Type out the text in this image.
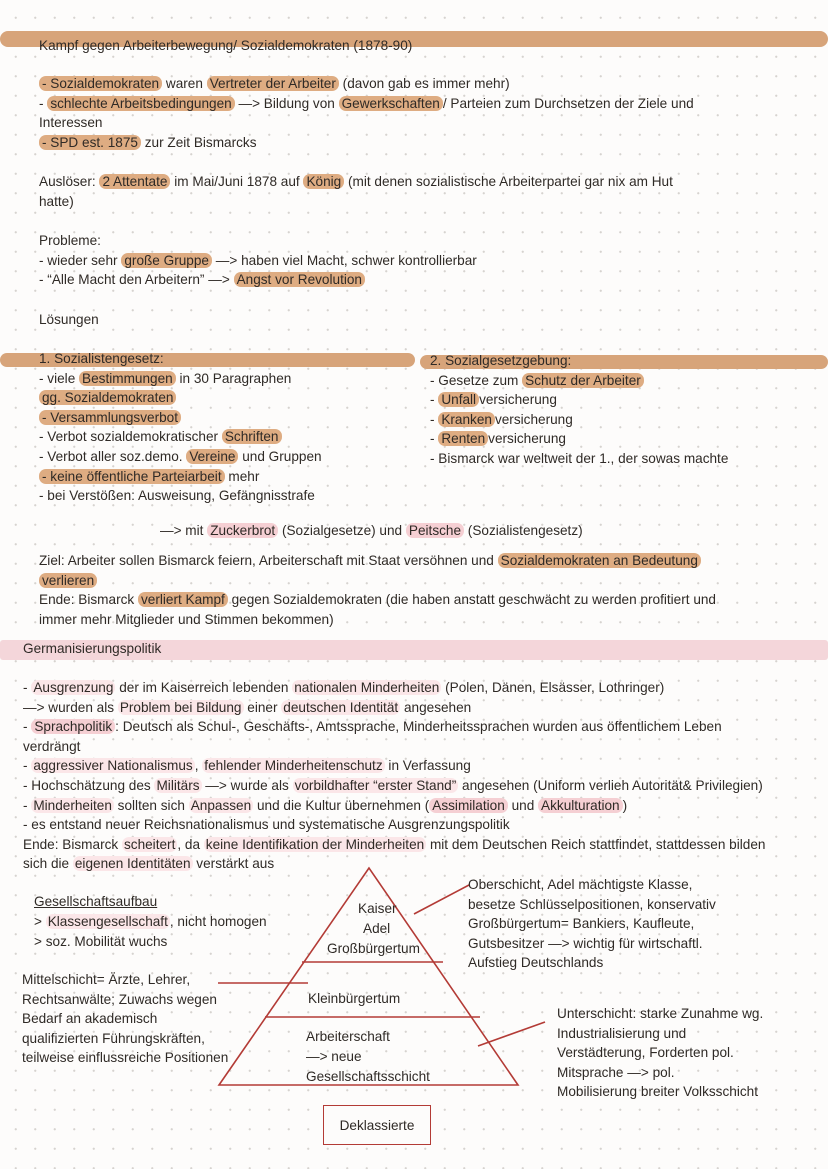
Kampf gegen Arbeiterbewegung/ Sozialdemokraten (1878-90)
Lösungen
Germanisierungspolitik
Gesellschaftsaufbau	Kaiser
Adel
Großbürgertum
Kleinbürgertum
Arbeiterschaft
—> neue
Gesellschaftsschicht
Deklassierte
- Sozialdemokraten waren Vertreter der Arbeiter (davon gab es immer mehr)
- schlechte Arbeitsbedingungen —> Bildung von Gewerkschaften / Parteien zum Durchsetzen der Ziele und
Interessen
- SPD est. 1875 zur Zeit Bismarcks
Auslöser: 2 Attentate im Mai/Juni 1878 auf König (mit denen sozialistische Arbeiterpartei gar nix am Hut
hatte)
Probleme:
- wieder sehr große Gruppe —> haben viel Macht, schwer kontrollierbar
- “Alle Macht den Arbeitern” —> Angst vor Revolution
1. Sozialistengesetz:
- viele Bestimmungen in 30 Paragraphen
gg. Sozialdemokraten
- Versammlungsverbot
- Verbot sozialdemokratischer Schriften
- Verbot aller soz.demo. Vereine und Gruppen
- keine öffentliche Parteiarbeit mehr
- bei Verstößen: Ausweisung, Gefängnisstrafe
2. Sozialgesetzgebung:
- Gesetze zum Schutz der Arbeiter
- Unfall versicherung
- Kranken versicherung
- Renten versicherung
- Bismarck war weltweit der 1., der sowas machte
Ziel: Arbeiter sollen Bismarck feiern, Arbeiterschaft mit Staat versöhnen und Sozialdemokraten an Bedeutung
verlieren
Ende: Bismarck verliert Kampf gegen Sozialdemokraten (die haben anstatt geschwächt zu werden profitiert und
immer mehr Mitglieder und Stimmen bekommen)
- Ausgrenzung der im Kaiserreich lebenden nationalen Minderheiten (Polen, Dänen, Elsässer, Lothringer)
—> wurden als Problem bei Bildung einer deutschen Identität angesehen
- Sprachpolitik : Deutsch als Schul-, Geschäfts-, Amtssprache, Minderheitssprachen wurden aus öffentlichem Leben
verdrängt
- aggressiver Nationalismus , fehlender Minderheitenschutz in Verfassung
- Hochschätzung des Militärs —> wurde als vorbildhafter “erster Stand” angesehen (Uniform verlieh Autorität& Privilegien)
- Minderheiten sollten sich Anpassen und die Kultur übernehmen ( Assimilation und Akkulturation )
- es entstand neuer Reichsnationalismus und systematische Ausgrenzungspolitik
Ende: Bismarck scheitert , da keine Identifikation der Minderheiten mit dem Deutschen Reich stattfindet, stattdessen bilden
sich die eigenen Identitäten verstärkt aus
> Klassengesellschaft , nicht homogen
> soz. Mobilität wuchs
—> mit Zuckerbrot (Sozialgesetze) und Peitsche (Sozialistengesetz)
Oberschicht, Adel mächtigste Klasse,
besetze Schlüsselpositionen, konservativ
Großbürgertum= Bankiers, Kaufleute,
Gutsbesitzer —> wichtig für wirtschaftl.
Aufstieg Deutschlands
Mittelschicht= Ärzte, Lehrer,
Rechtsanwälte; Zuwachs wegen
Bedarf an akademisch
qualifizierten Führungskräften,
teilweise einflussreiche Positionen
Unterschicht: starke Zunahme wg.
Industrialisierung und
Verstädterung, Forderten pol.
Mitsprache —> pol.
Mobilisierung breiter Volksschicht
